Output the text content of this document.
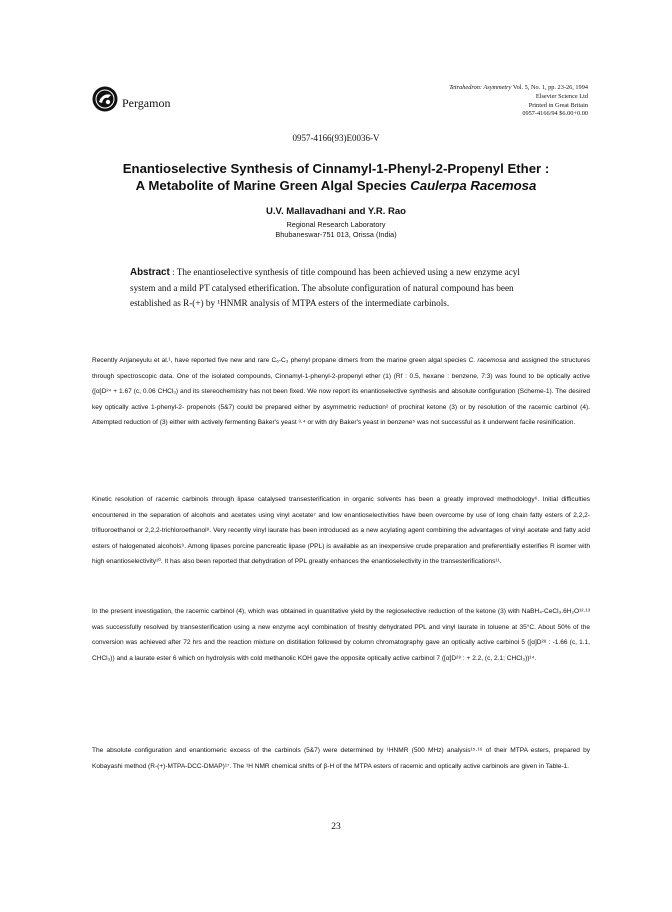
Pergamon
Tetrahedron: Asymmetry Vol. 5, No. 1, pp. 23-26, 1994
Elsevier Science Ltd
Printed in Great Britain
0957-4166/94 $6.00+0.00
0957-4166(93)E0036-V
Enantioselective Synthesis of Cinnamyl-1-Phenyl-2-Propenyl Ether :
A Metabolite of Marine Green Algal Species Caulerpa Racemosa
U.V. Mallavadhani and Y.R. Rao
Regional Research Laboratory
Bhubaneswar-751 013, Orissa (India)
Abstract : The enantioselective synthesis of title compound has been achieved using a new enzyme acyl system and a mild PT catalysed etherification. The absolute configuration of natural compound has been established as R-(+) by ¹HNMR analysis of MTPA esters of the intermediate carbinols.
Recently Anjaneyulu et al.¹, have reported five new and rare C₆-C₃ phenyl propane dimers from the marine green algal species C. racemosa and assigned the structures through spectroscopic data. One of the isolated compounds, Cinnamyl-1-phenyl-2-propenyl ether (1) (Rf : 0.5, hexane : benzene, 7:3) was found to be optically active ([α]D²⁴ + 1.67 (c, 0.06 CHCl₃) and its stereochemistry has not been fixed. We now report its enantioselective synthesis and absolute configuration (Scheme-1). The desired key optically active 1-phenyl-2- propenols (5&7) could be prepared either by asymmetric reduction² of prochiral ketone (3) or by resolution of the racemic carbinol (4). Attempted reduction of (3) either with actively fermenting Baker's yeast ³·⁴ or with dry Baker's yeast in benzene⁵ was not successful as it underwent facile resinification.
Kinetic resolution of racemic carbinols through lipase catalysed transesterification in organic solvents has been a greatly improved methodology⁶. Initial difficulties encountered in the separation of alcohols and acetates using vinyl acetate⁷ and low enantioselectivities have been overcome by use of long chain fatty esters of 2,2,2-trifluoroethanol or 2,2,2-trichloroethanol⁸. Very recently vinyl laurate has been introduced as a new acylating agent combining the advantages of vinyl acetate and fatty acid esters of halogenated alcohols⁹. Among lipases porcine pancreatic lipase (PPL) is available as an inexpensive crude preparation and preferentially esterifies R isomer with high enantioselectivity¹⁰. It has also been reported that dehydration of PPL greatly enhances the enantioselectivity in the transesterifications¹¹.
In the present investigation, the racemic carbinol (4), which was obtained in quantitative yield by the regioselective reduction of the ketone (3) with NaBH₄-CeCl₃.6H₂O¹²·¹³ was successfully resolved by transesterification using a new enzyme acyl combination of freshly dehydrated PPL and vinyl laurate in toluene at 35°C. About 50% of the conversion was achieved after 72 hrs and the reaction mixture on distillation followed by column chromatography gave an optically active carbinol 5 ([α]D²⁸ : -1.66 (c, 1.1, CHCl₃)) and a laurate ester 6 which on hydrolysis with cold methanolic KOH gave the opposite optically active carbinol 7 ([α]D²⁸ : + 2.2, (c, 2.1; CHCl₃))¹⁴.
The absolute configuration and enantiomeric excess of the carbinols (5&7) were determined by ¹HNMR (500 MHz) analysis¹⁵·¹⁶ of their MTPA esters, prepared by Kobayashi method (R-(+)-MTPA-DCC-DMAP)¹⁷. The ¹H NMR chemical shifts of β-H of the MTPA esters of racemic and optically active carbinols are given in Table-1.
23
